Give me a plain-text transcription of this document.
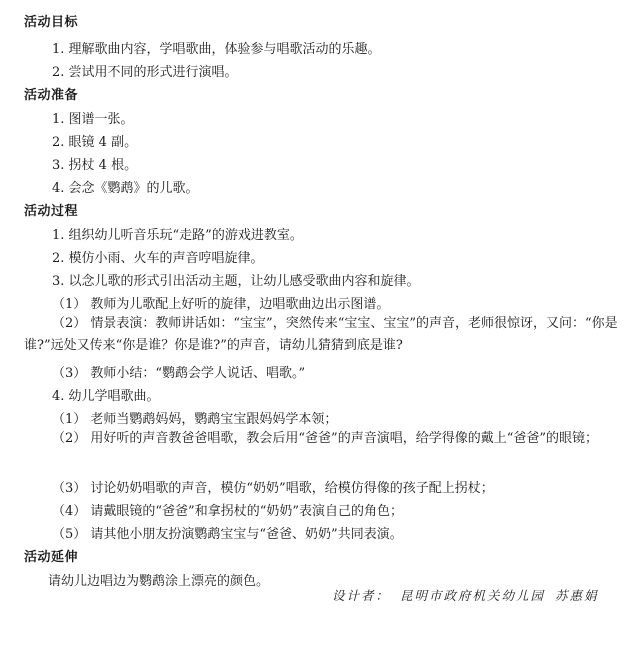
活动目标
1. 理解歌曲内容，学唱歌曲，体验参与唱歌活动的乐趣。
2. 尝试用不同的形式进行演唱。
活动准备
1. 图谱一张。
2. 眼镜 4 副。
3. 拐杖 4 根。
4. 会念《鹦鹉》的儿歌。
活动过程
1. 组织幼儿听音乐玩“走路”的游戏进教室。
2. 模仿小雨、火车的声音哼唱旋律。
3. 以念儿歌的形式引出活动主题，让幼儿感受歌曲内容和旋律。
（1） 教师为儿歌配上好听的旋律，边唱歌曲边出示图谱。
（2） 情景表演：教师讲话如：“宝宝”，突然传来“宝宝、宝宝”的声音，老师很惊讶，又问：“你是谁?”远处又传来“你是谁？你是谁?”的声音，请幼儿猜猜到底是谁?
（3） 教师小结：“鹦鹉会学人说话、唱歌。”
4. 幼儿学唱歌曲。
（1） 老师当鹦鹉妈妈，鹦鹉宝宝跟妈妈学本领；
（2） 用好听的声音教爸爸唱歌，教会后用“爸爸”的声音演唱，给学得像的戴上“爸爸”的眼镜；
（3） 讨论奶奶唱歌的声音，模仿“奶奶”唱歌，给模仿得像的孩子配上拐杖；
（4） 请戴眼镜的“爸爸”和拿拐杖的“奶奶”表演自己的角色；
（5） 请其他小朋友扮演鹦鹉宝宝与“爸爸、奶奶”共同表演。
活动延伸
请幼儿边唱边为鹦鹉涂上漂亮的颜色。
设计者： 昆明市政府机关幼儿园 苏惠娟
